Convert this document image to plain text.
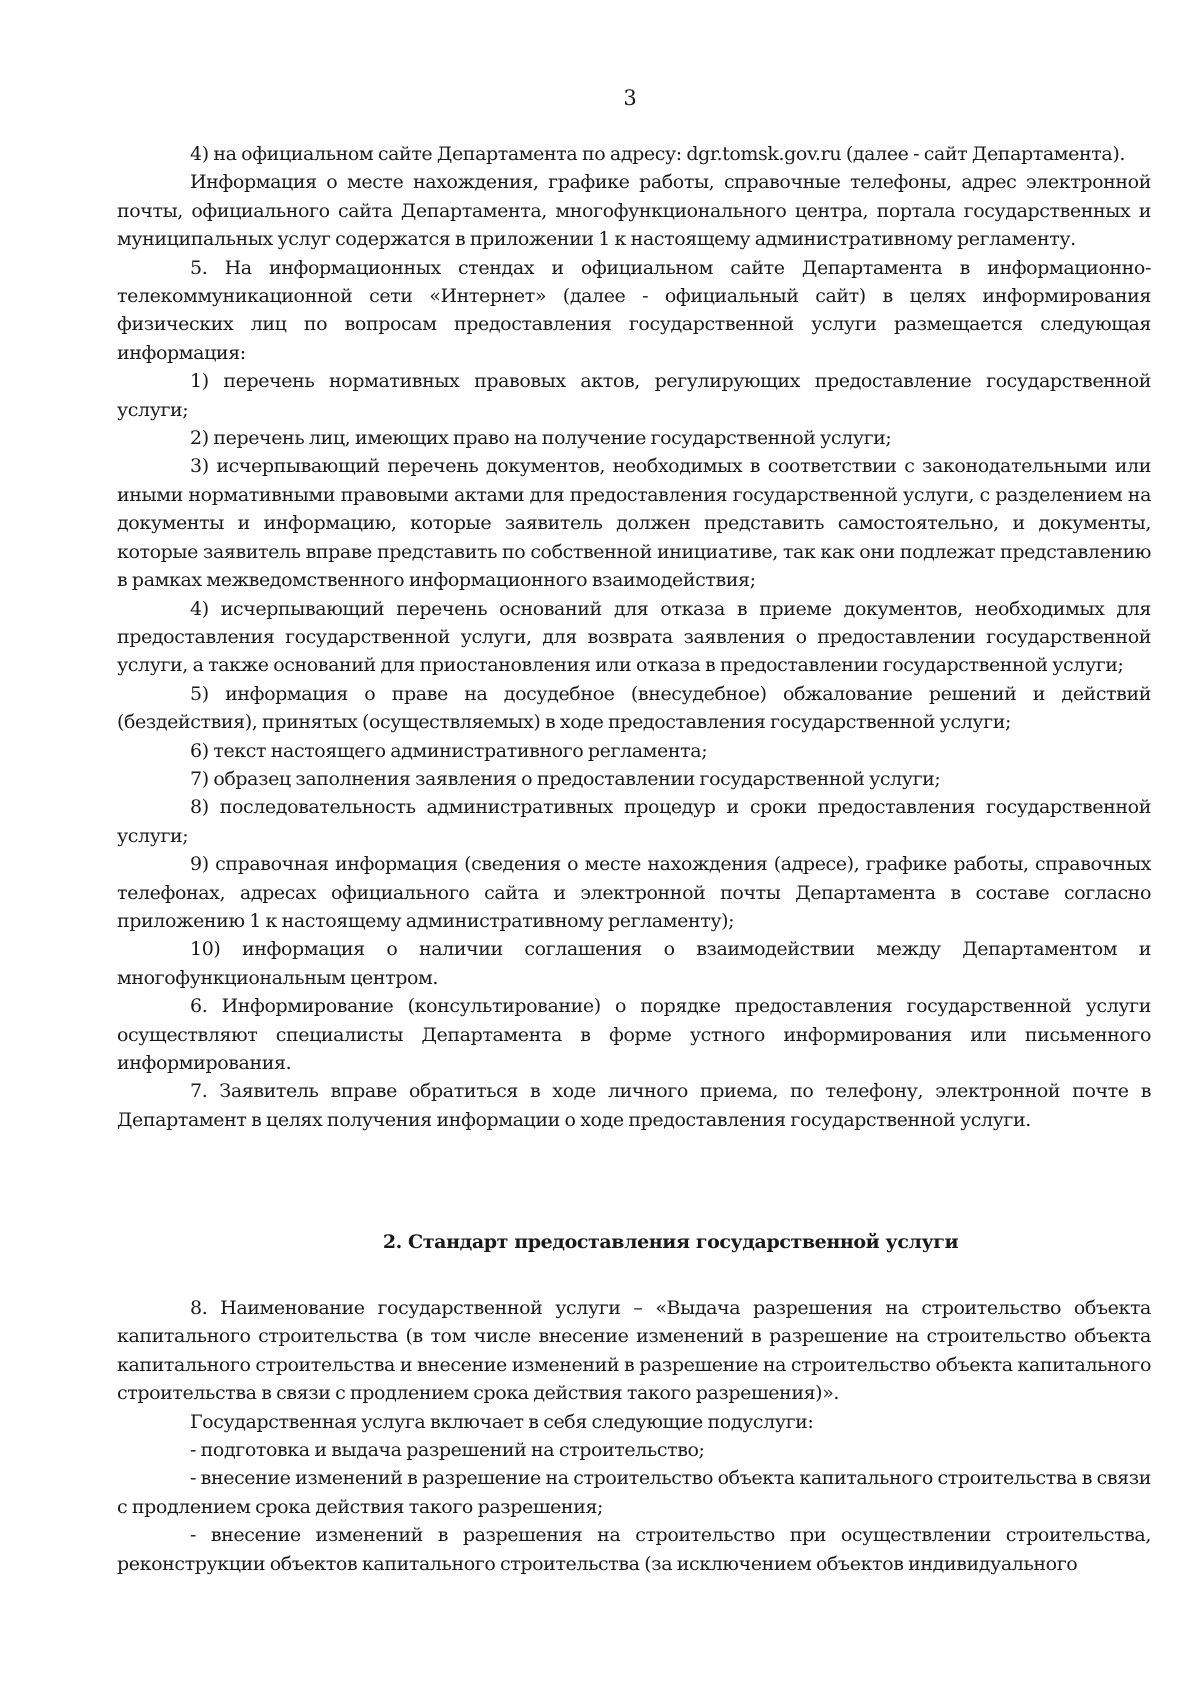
3

4) на официальном сайте Департамента по адресу: dgr.tomsk.gov.ru (далее - сайт Департамента).

Информация о месте нахождения, графике работы, справочные телефоны, адрес электронной почты, официального сайта Департамента, многофункционального центра, портала государственных и муниципальных услуг содержатся в приложении 1 к настоящему административному регламенту.

5. На информационных стендах и официальном сайте Департамента в информационно-телекоммуникационной сети «Интернет» (далее - официальный сайт) в целях информирования физических лиц по вопросам предоставления государственной услуги размещается следующая информация:

1) перечень нормативных правовых актов, регулирующих предоставление государственной услуги;

2) перечень лиц, имеющих право на получение государственной услуги;

3) исчерпывающий перечень документов, необходимых в соответствии с законодательными или иными нормативными правовыми актами для предоставления государственной услуги, с разделением на документы и информацию, которые заявитель должен представить самостоятельно, и документы, которые заявитель вправе представить по собственной инициативе, так как они подлежат представлению в рамках межведомственного информационного взаимодействия;

4) исчерпывающий перечень оснований для отказа в приеме документов, необходимых для предоставления государственной услуги, для возврата заявления о предоставлении государственной услуги, а также оснований для приостановления или отказа в предоставлении государственной услуги;

5) информация о праве на досудебное (внесудебное) обжалование решений и действий (бездействия), принятых (осуществляемых) в ходе предоставления государственной услуги;

6) текст настоящего административного регламента;

7) образец заполнения заявления о предоставлении государственной услуги;

8) последовательность административных процедур и сроки предоставления государственной услуги;

9) справочная информация (сведения о месте нахождения (адресе), графике работы, справочных телефонах, адресах официального сайта и электронной почты Департамента в составе согласно приложению 1 к настоящему административному регламенту);

10) информация о наличии соглашения о взаимодействии между Департаментом и многофункциональным центром.

6. Информирование (консультирование) о порядке предоставления государственной услуги осуществляют специалисты Департамента в форме устного информирования или письменного информирования.

7. Заявитель вправе обратиться в ходе личного приема, по телефону, электронной почте в Департамент в целях получения информации о ходе предоставления государственной услуги.

2. Стандарт предоставления государственной услуги

8. Наименование государственной услуги – «Выдача разрешения на строительство объекта капитального строительства (в том числе внесение изменений в разрешение на строительство объекта капитального строительства и внесение изменений в разрешение на строительство объекта капитального строительства в связи с продлением срока действия такого разрешения)».

Государственная услуга включает в себя следующие подуслуги:

- подготовка и выдача разрешений на строительство;

- внесение изменений в разрешение на строительство объекта капитального строительства в связи с продлением срока действия такого разрешения;

- внесение изменений в разрешения на строительство при осуществлении строительства, реконструкции объектов капитального строительства (за исключением объектов индивидуального
